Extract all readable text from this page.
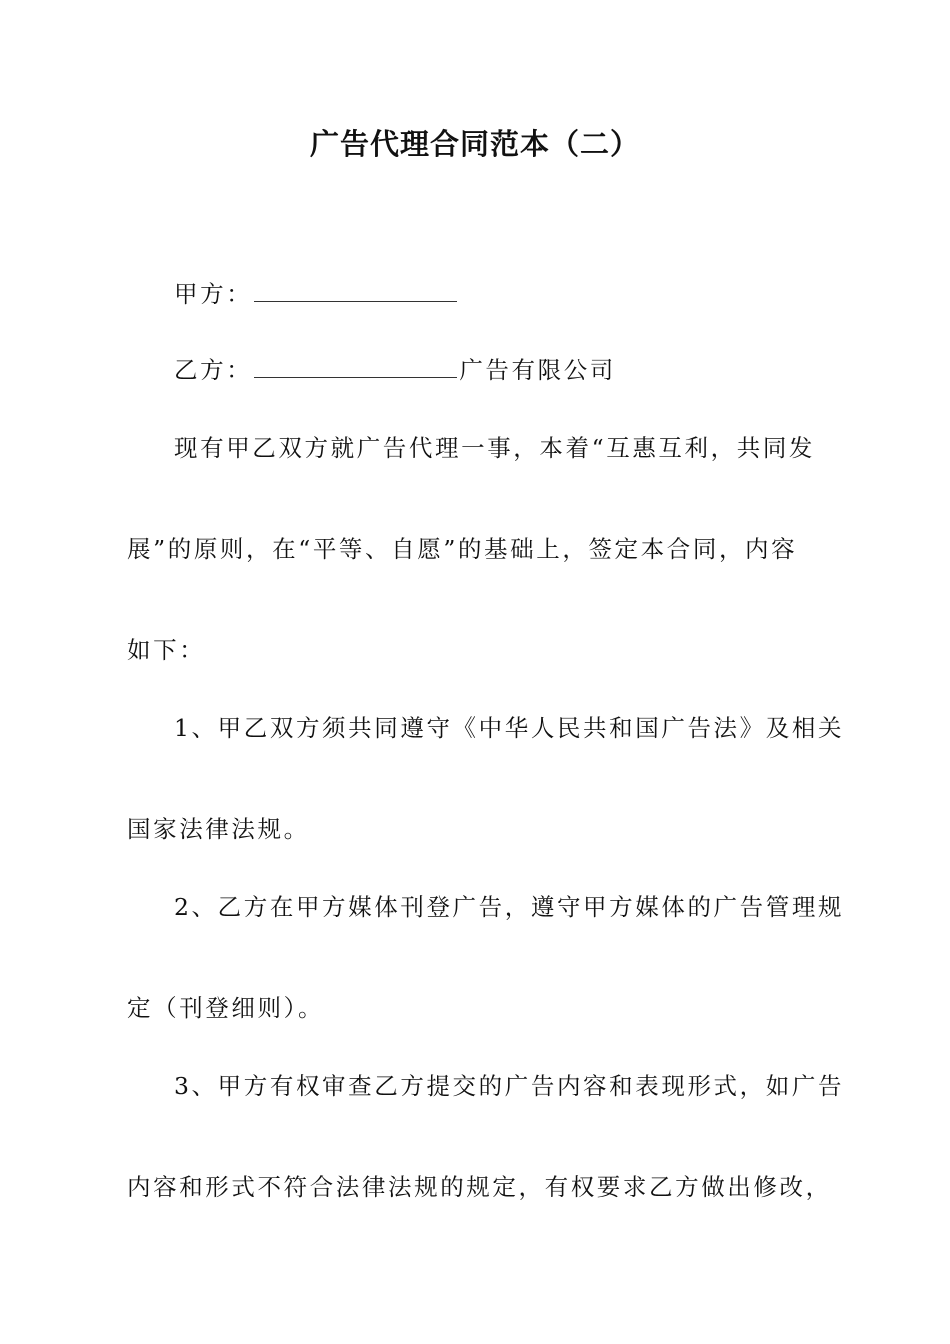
广告代理合同范本（二）
甲方：
乙方：	广告有限公司
现有甲乙双方就广告代理一事，本着“互惠互利，共同发
展”的原则，在“平等、自愿”的基础上，签定本合同，内容
如下：
1、甲乙双方须共同遵守《中华人民共和国广告法》及相关
国家法律法规。
2、乙方在甲方媒体刊登广告，遵守甲方媒体的广告管理规
定（刊登细则）。
3、甲方有权审查乙方提交的广告内容和表现形式，如广告
内容和形式不符合法律法规的规定，有权要求乙方做出修改，
